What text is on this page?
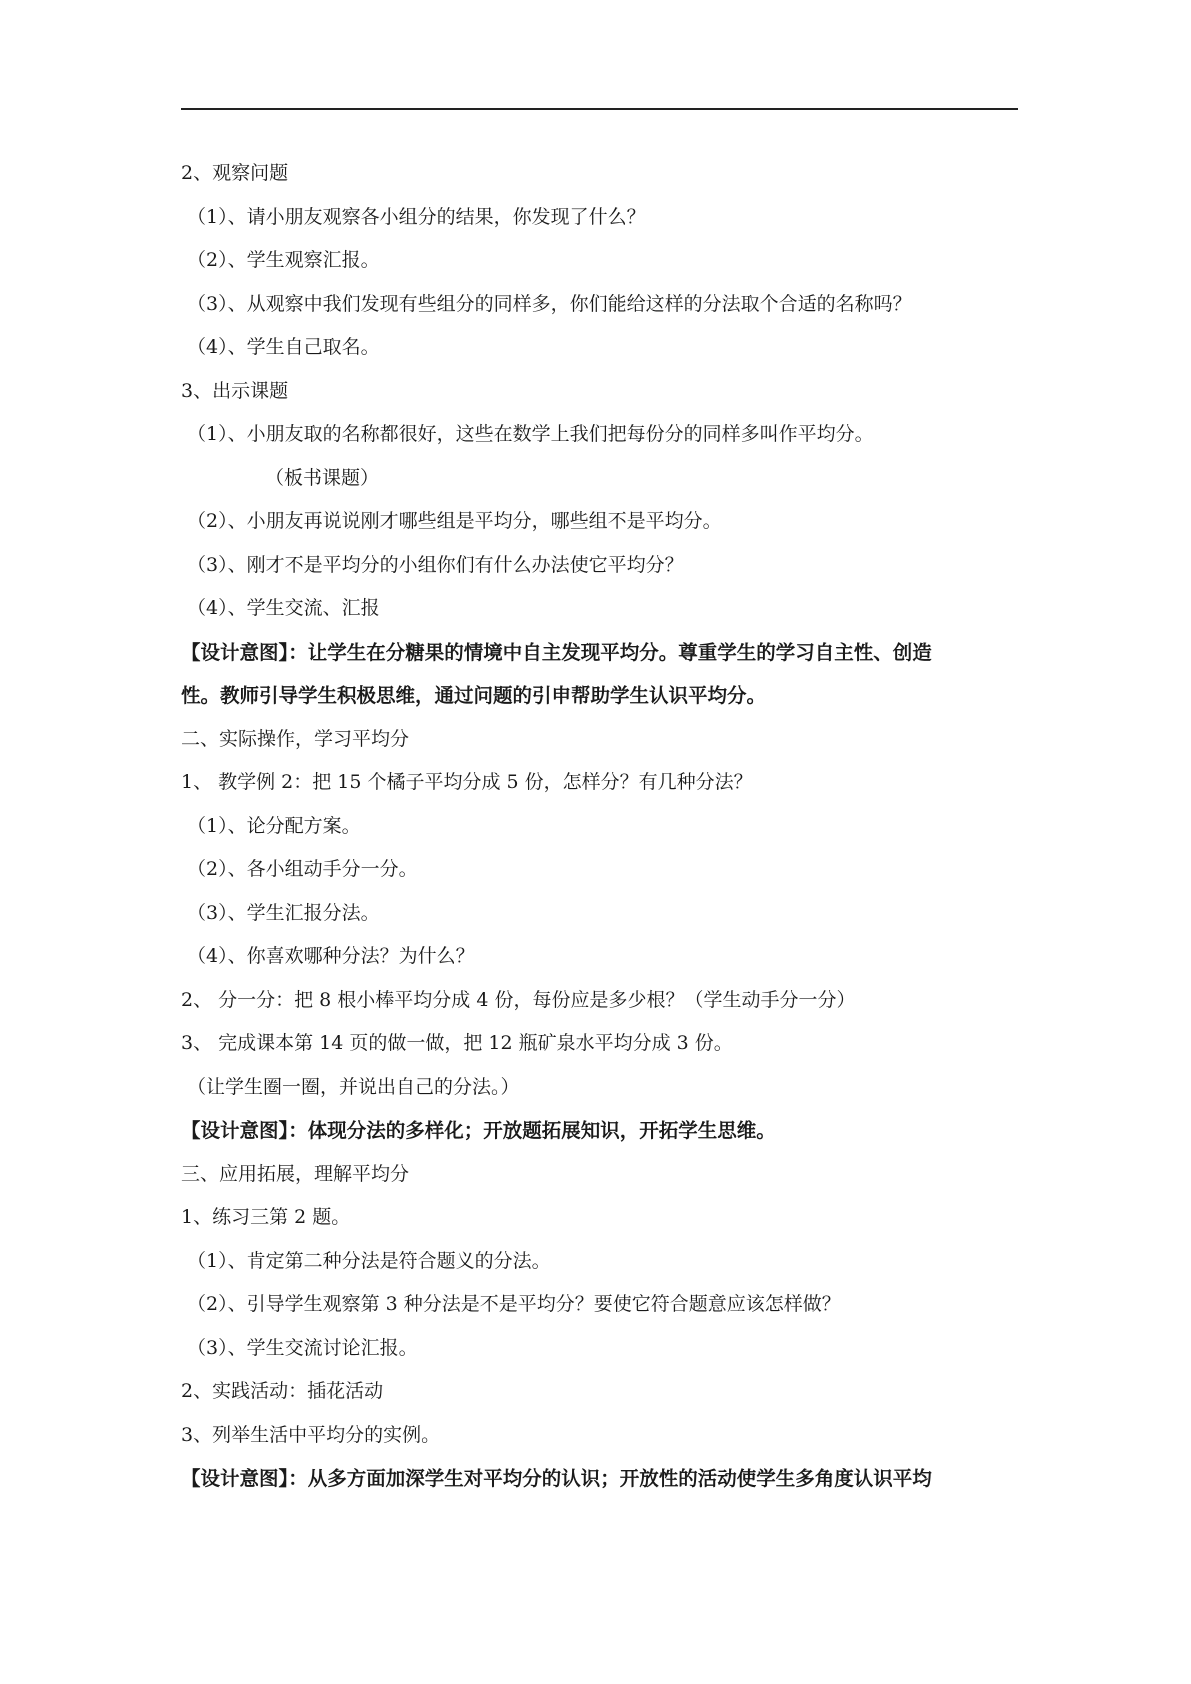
2、观察问题
（1）、请小朋友观察各小组分的结果，你发现了什么？
（2）、学生观察汇报。
（3）、从观察中我们发现有些组分的同样多，你们能给这样的分法取个合适的名称吗？
（4）、学生自己取名。
3、出示课题
（1）、小朋友取的名称都很好，这些在数学上我们把每份分的同样多叫作平均分。
（板书课题）
（2）、小朋友再说说刚才哪些组是平均分，哪些组不是平均分。
（3）、刚才不是平均分的小组你们有什么办法使它平均分？
（4）、学生交流、汇报
【设计意图】：让学生在分糖果的情境中自主发现平均分。尊重学生的学习自主性、创造
性。教师引导学生积极思维，通过问题的引申帮助学生认识平均分。
二、实际操作，学习平均分
1、 教学例 2：把 15 个橘子平均分成 5 份，怎样分？有几种分法？
（1）、论分配方案。
（2）、各小组动手分一分。
（3）、学生汇报分法。
（4）、你喜欢哪种分法？为什么？
2、 分一分：把 8 根小棒平均分成 4 份，每份应是多少根？（学生动手分一分）
3、 完成课本第 14 页的做一做，把 12 瓶矿泉水平均分成 3 份。
（让学生圈一圈，并说出自己的分法。）
【设计意图】：体现分法的多样化；开放题拓展知识，开拓学生思维。
三、应用拓展，理解平均分
1、练习三第 2 题。
（1）、肯定第二种分法是符合题义的分法。
（2）、引导学生观察第 3 种分法是不是平均分？要使它符合题意应该怎样做？
（3）、学生交流讨论汇报。
2、实践活动：插花活动
3、列举生活中平均分的实例。
【设计意图】：从多方面加深学生对平均分的认识；开放性的活动使学生多角度认识平均
